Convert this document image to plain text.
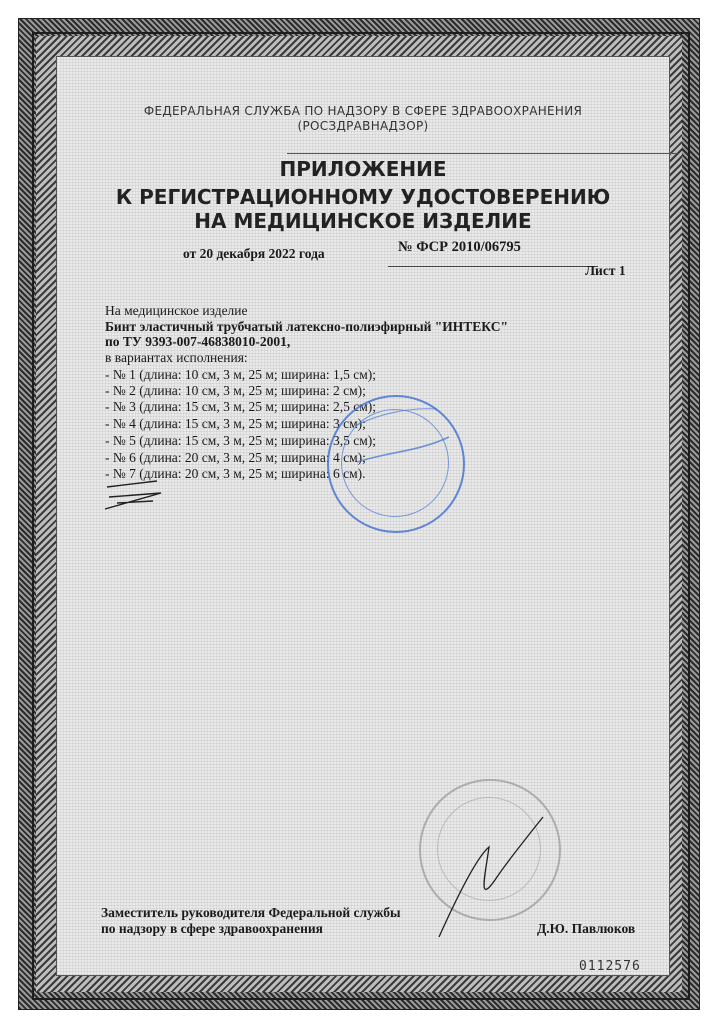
ФЕДЕРАЛЬНАЯ СЛУЖБА ПО НАДЗОРУ В СФЕРЕ ЗДРАВООХРАНЕНИЯ
(РОСЗДРАВНАДЗОР)
ПРИЛОЖЕНИЕ
К РЕГИСТРАЦИОННОМУ УДОСТОВЕРЕНИЮ
НА МЕДИЦИНСКОЕ ИЗДЕЛИЕ
от 20 декабря 2022 года	№ ФСР 2010/06795
Лист 1
На медицинское изделие
Бинт эластичный трубчатый латексно-полиэфирный "ИНТЕКС"
по ТУ 9393-007-46838010-2001,
в вариантах исполнения:
- № 1 (длина: 10 см, 3 м, 25 м; ширина: 1,5 см);
- № 2 (длина: 10 см, 3 м, 25 м; ширина: 2 см);
- № 3 (длина: 15 см, 3 м, 25 м; ширина: 2,5 см);
- № 4 (длина: 15 см, 3 м, 25 м; ширина: 3 см);
- № 5 (длина: 15 см, 3 м, 25 м; ширина: 3,5 см);
- № 6 (длина: 20 см, 3 м, 25 м; ширина: 4 см);
- № 7 (длина: 20 см, 3 м, 25 м; ширина: 6 см).
Заместитель руководителя Федеральной службы
по надзору в сфере здравоохранения	Д.Ю. Павлюков
0112576
